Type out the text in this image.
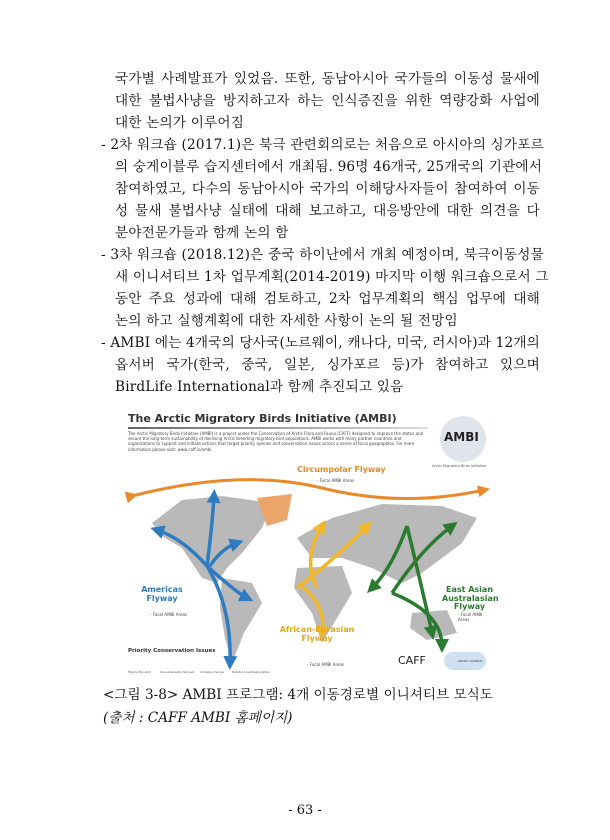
국가별 사례발표가 있었음. 또한, 동남아시아 국가들의 이동성 물새에
대한 불법사냥을 방지하고자 하는 인식증진을 위한 역량강화 사업에
대한 논의가 이루어짐
- 2차 워크숍 (2017.1)은 북극 관련회의로는 처음으로 아시아의 싱가포르
의 숭게이블루 습지센터에서 개최됨. 96명 46개국, 25개국의 기관에서
참여하였고, 다수의 동남아시아 국가의 이해당사자들이 참여하여 이동
성 물새 불법사냥 실태에 대해 보고하고, 대응방안에 대한 의견을 다
분야전문가들과 함께 논의 함
- 3차 워크숍 (2018.12)은 중국 하이난에서 개최 예정이며, 북극이동성물
새 이니셔티브 1차 업무계획(2014-2019) 마지막 이행 워크숍으로서 그
동안 주요 성과에 대해 검토하고, 2차 업무계획의 핵심 업무에 대해
논의 하고 실행계획에 대한 자세한 사항이 논의 될 전망임
- AMBI 에는 4개국의 당사국(노르웨이, 캐나다, 미국, 러시아)과 12개의
옵서버 국가(한국, 중국, 일본, 싱가포르 등)가 참여하고 있으며
BirdLife International과 함께 추진되고 있음
The Arctic Migratory Birds Initiative (AMBI)
The Arctic Migratory Birds Initiative (AMBI) is a project under the Conservation of Arctic Flora and Fauna (CAFF) designed to improve the status and secure the long-term sustainability of declining Arctic breeding migratory bird populations. AMBI works with many partner countries and organizations to support and initiate actions that target priority species and conservation issues across a series of focal geographies. For more information please visit: www.caff.is/ambi
AMBI
Arctic Migratory Birds Initiative
Circumpolar Flyway
Americas Flyway
African-Eurasian Flyway
East Asian Australasian Flyway
- Focal AMBI Areas
- Focal AMBI Areas
- Focal AMBI Areas
- Focal AMBI Areas
Priority Conservation Issues
Marine Bycatch	Unsustainable Harvest Climate Change	Habitat Loss/Degradation
CAFF	ARCTIC COUNCIL
<그림 3-8> AMBI 프로그램: 4개 이동경로별 이니셔티브 모식도
(출처 : CAFF AMBI 홈페이지)
- 63 -
